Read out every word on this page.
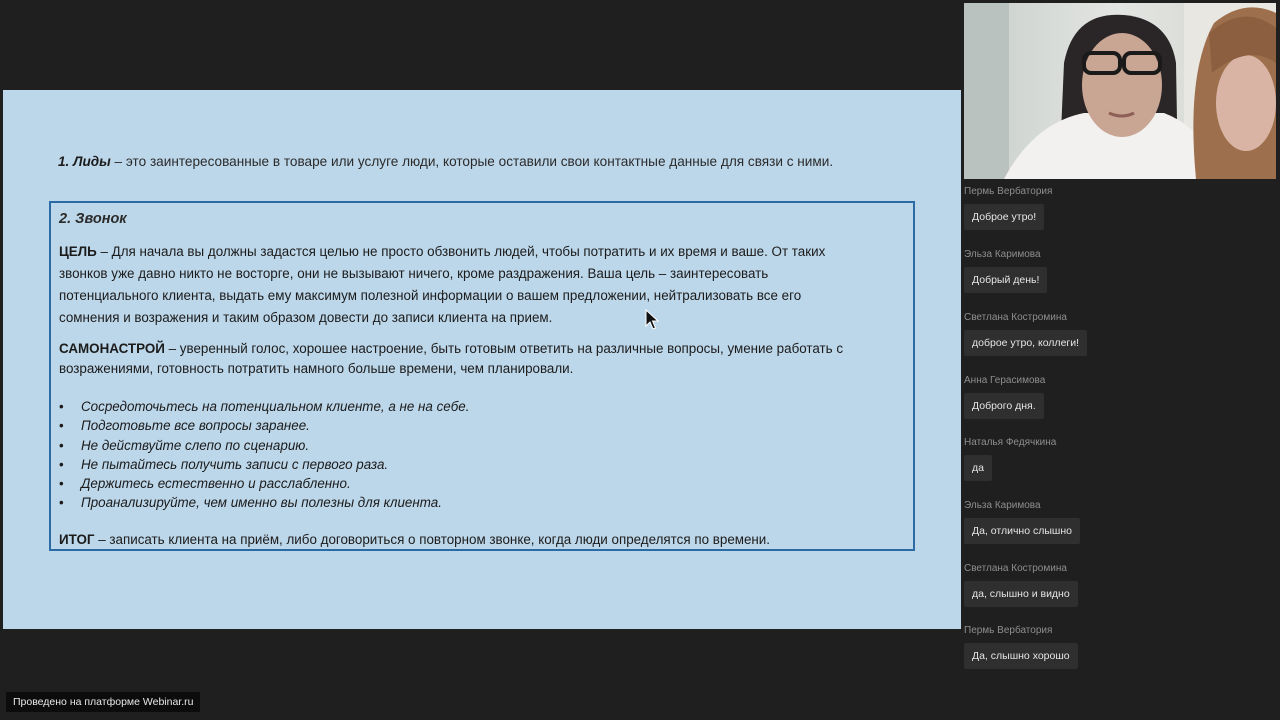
1. Лиды – это заинтересованные в товаре или услуге люди, которые оставили свои контактные данные для связи с ними.
2. Звонок
ЦЕЛЬ – Для начала вы должны задастся целью не просто обзвонить людей, чтобы потратить и их время и ваше. От таких
звонков уже давно никто не восторге, они не вызывают ничего, кроме раздражения. Ваша цель – заинтересовать
потенциального клиента, выдать ему максимум полезной информации о вашем предложении, нейтрализовать все его
сомнения и возражения и таким образом довести до записи клиента на прием.
САМОНАСТРОЙ – уверенный голос, хорошее настроение, быть готовым ответить на различные вопросы, умение работать с
возражениями, готовность потратить намного больше времени, чем планировали.
• Сосредоточьтесь на потенциальном клиенте, а не на себе.
• Подготовьте все вопросы заранее.
• Не действуйте слепо по сценарию.
• Не пытайтесь получить записи с первого раза.
• Держитесь естественно и расслабленно.
• Проанализируйте, чем именно вы полезны для клиента.
ИТОГ – записать клиента на приём, либо договориться о повторном звонке, когда люди определятся по времени.
Пермь Вербатория
Доброе утро!
Эльза Каримова
Добрый день!
Светлана Костромина
доброе утро, коллеги!
Анна Герасимова
Доброго дня.
Наталья Федячкина
да
Эльза Каримова
Да, отлично слышно
Светлана Костромина
да, слышно и видно
Пермь Вербатория
Да, слышно хорошо
Проведено на платформе Webinar.ru
